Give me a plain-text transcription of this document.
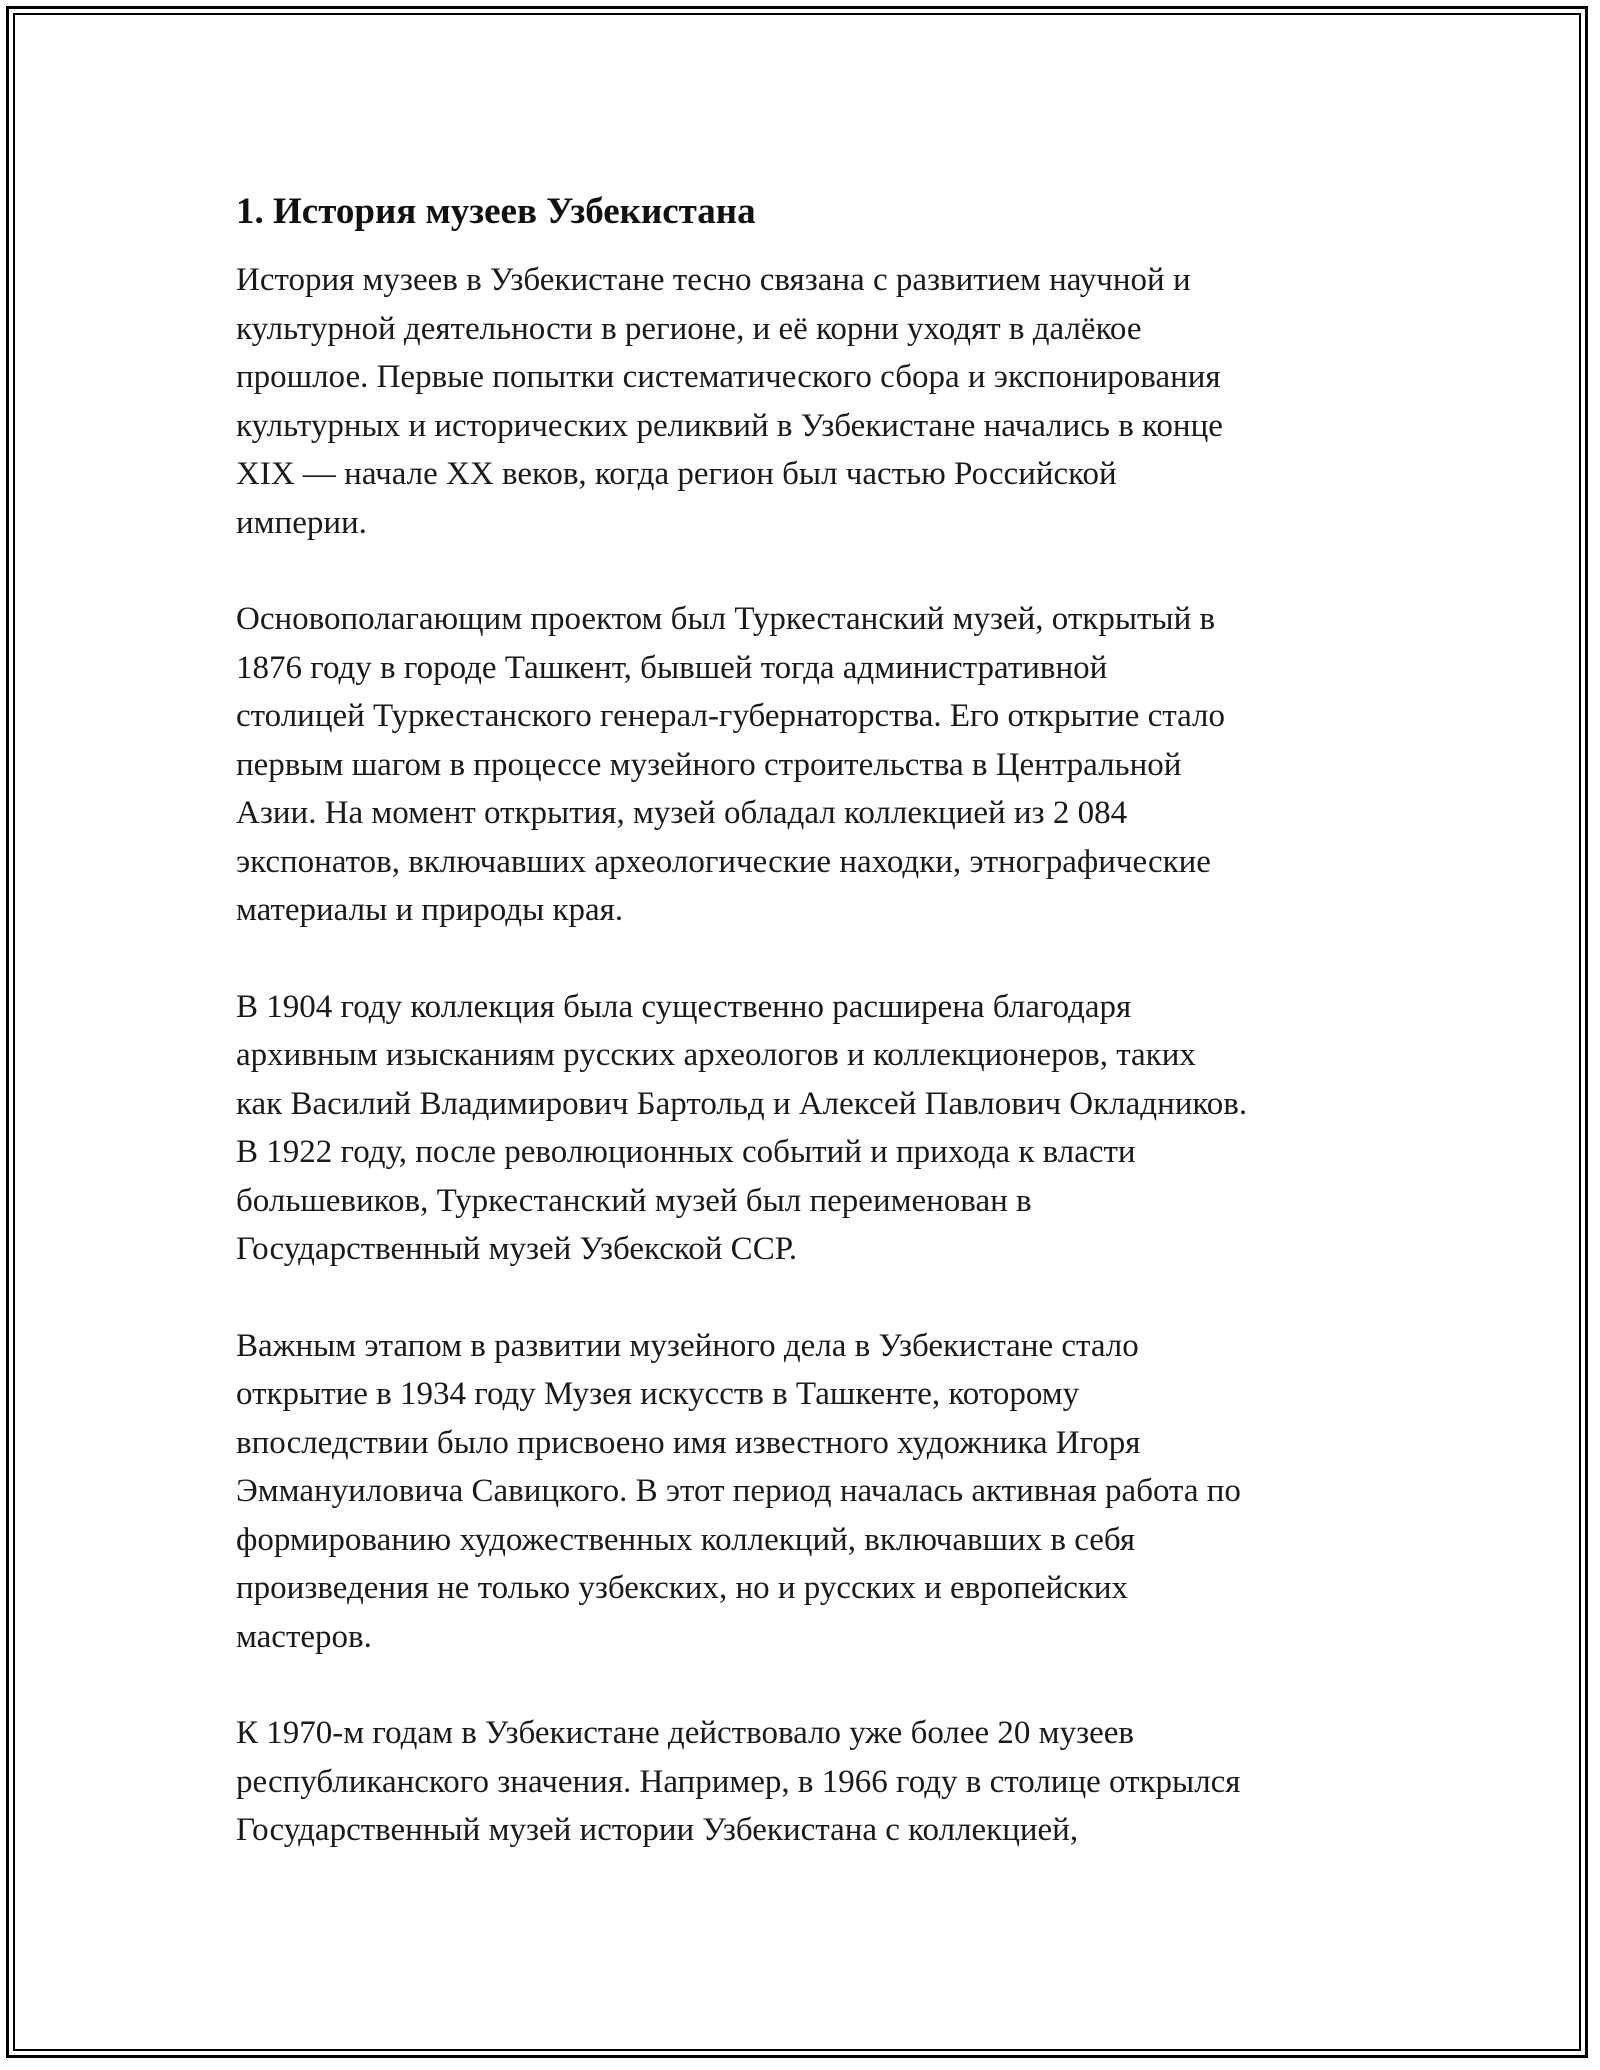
1. История музеев Узбекистана

История музеев в Узбекистане тесно связана с развитием научной и
культурной деятельности в регионе, и её корни уходят в далёкое
прошлое. Первые попытки систематического сбора и экспонирования
культурных и исторических реликвий в Узбекистане начались в конце
XIX — начале XX веков, когда регион был частью Российской
империи.

Основополагающим проектом был Туркестанский музей, открытый в
1876 году в городе Ташкент, бывшей тогда административной
столицей Туркестанского генерал-губернаторства. Его открытие стало
первым шагом в процессе музейного строительства в Центральной
Азии. На момент открытия, музей обладал коллекцией из 2 084
экспонатов, включавших археологические находки, этнографические
материалы и природы края.

В 1904 году коллекция была существенно расширена благодаря
архивным изысканиям русских археологов и коллекционеров, таких
как Василий Владимирович Бартольд и Алексей Павлович Окладников.
В 1922 году, после революционных событий и прихода к власти
большевиков, Туркестанский музей был переименован в
Государственный музей Узбекской ССР.

Важным этапом в развитии музейного дела в Узбекистане стало
открытие в 1934 году Музея искусств в Ташкенте, которому
впоследствии было присвоено имя известного художника Игоря
Эммануиловича Савицкого. В этот период началась активная работа по
формированию художественных коллекций, включавших в себя
произведения не только узбекских, но и русских и европейских
мастеров.

К 1970-м годам в Узбекистане действовало уже более 20 музеев
республиканского значения. Например, в 1966 году в столице открылся
Государственный музей истории Узбекистана с коллекцией,
